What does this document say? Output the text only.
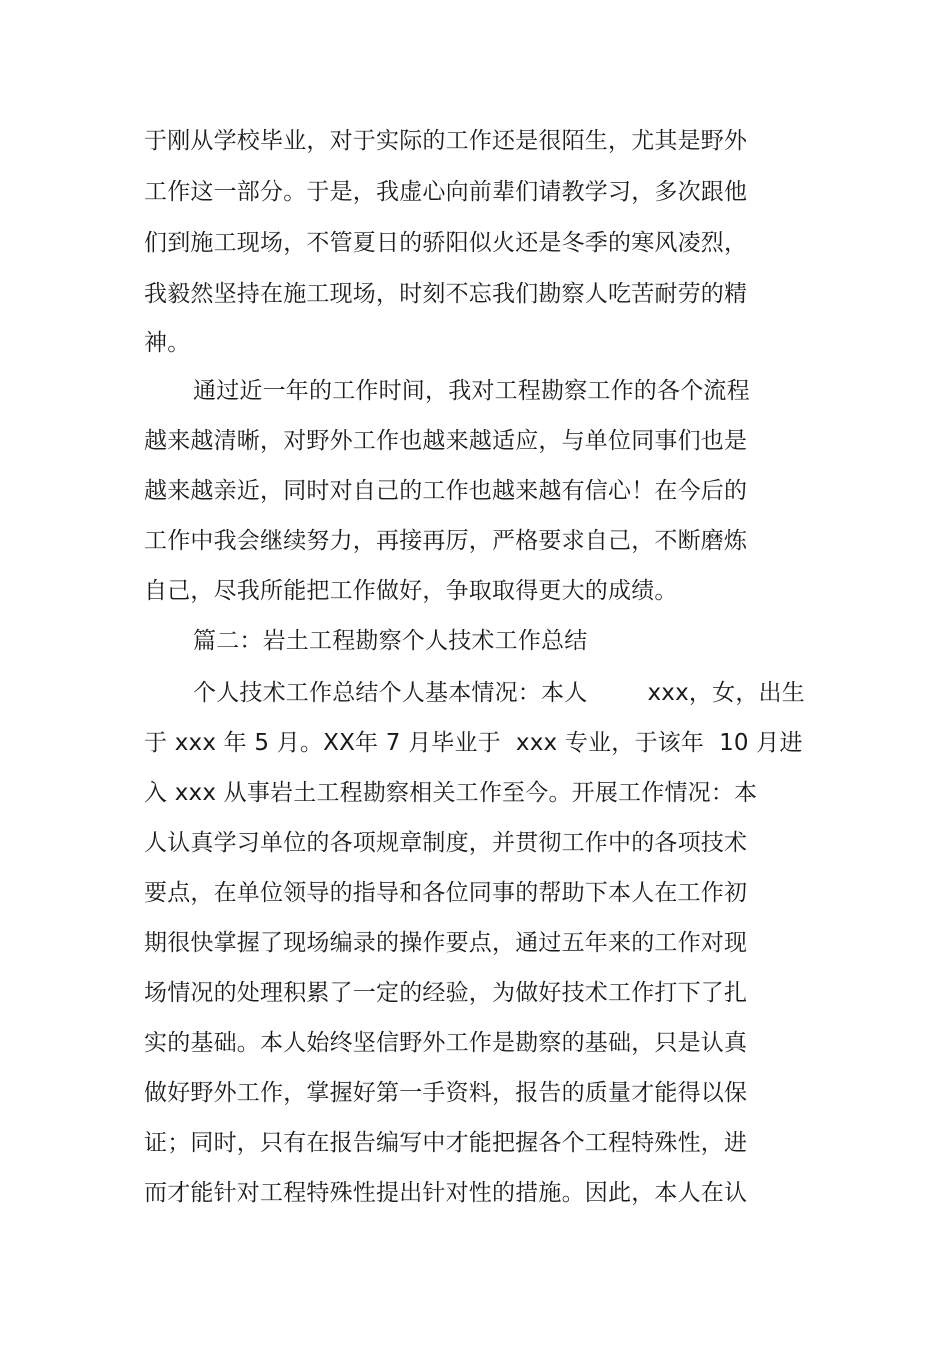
于刚从学校毕业，对于实际的工作还是很陌生，尤其是野外
工作这一部分。于是，我虚心向前辈们请教学习，多次跟他
们到施工现场，不管夏日的骄阳似火还是冬季的寒风凌烈，
我毅然坚持在施工现场，时刻不忘我们勘察人吃苦耐劳的精
神。
通过近一年的工作时间，我对工程勘察工作的各个流程
越来越清晰，对野外工作也越来越适应，与单位同事们也是
越来越亲近，同时对自己的工作也越来越有信心！在今后的
工作中我会继续努力，再接再厉，严格要求自己，不断磨炼
自己，尽我所能把工作做好，争取取得更大的成绩。
篇二：岩土工程勘察个人技术工作总结
个人技术工作总结个人基本情况：本人        xxx，女，出生
于 xxx 年 5 月。XX年 7 月毕业于  xxx 专业，于该年  10 月进
入 xxx 从事岩土工程勘察相关工作至今。开展工作情况：本
人认真学习单位的各项规章制度，并贯彻工作中的各项技术
要点，在单位领导的指导和各位同事的帮助下本人在工作初
期很快掌握了现场编录的操作要点，通过五年来的工作对现
场情况的处理积累了一定的经验，为做好技术工作打下了扎
实的基础。本人始终坚信野外工作是勘察的基础，只是认真
做好野外工作，掌握好第一手资料，报告的质量才能得以保
证；同时，只有在报告编写中才能把握各个工程特殊性，进
而才能针对工程特殊性提出针对性的措施。因此，本人在认
